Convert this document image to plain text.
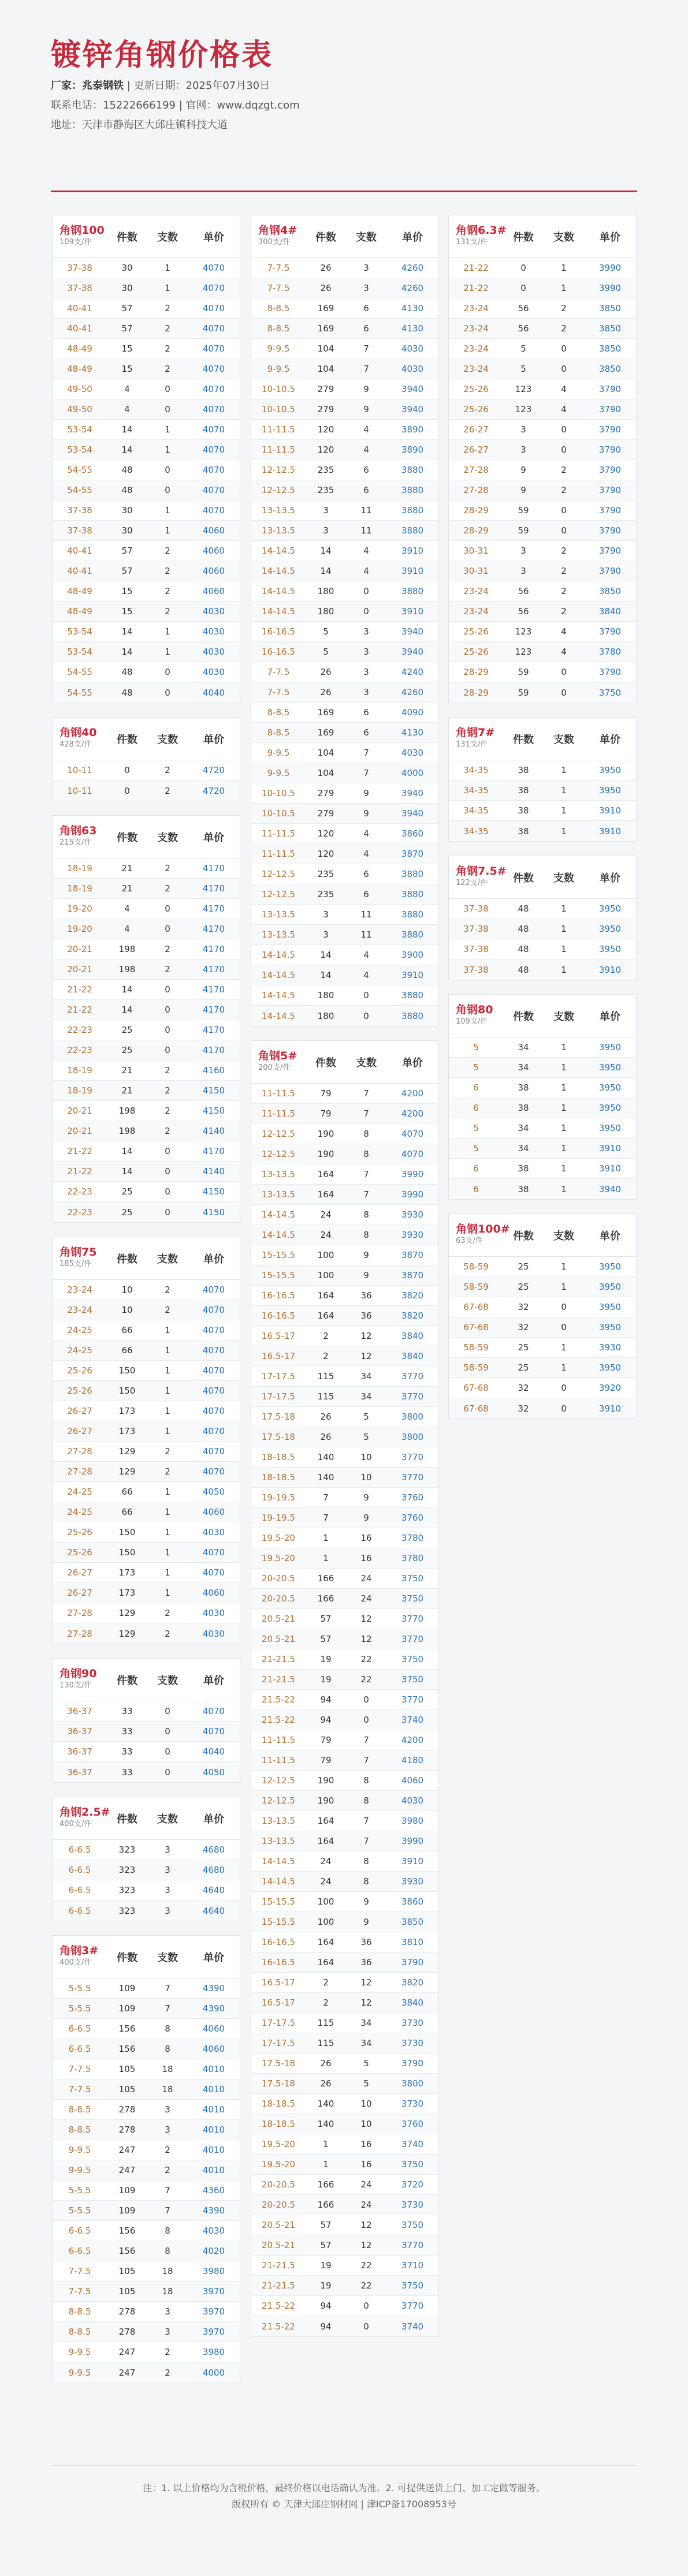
镀锌角钢价格表
厂家：兆泰钢铁 | 更新日期：2025年07月30日
联系电话：15222666199 | 官网：www.dqzgt.com
地址：天津市静海区大邱庄镇科技大道
角钢100
109支/件	件数	支数	单价
37-38	30	1	4070
37-38	30	1	4070
40-41	57	2	4070
40-41	57	2	4070
48-49	15	2	4070
48-49	15	2	4070
49-50	4	0	4070
49-50	4	0	4070
53-54	14	1	4070
53-54	14	1	4070
54-55	48	0	4070
54-55	48	0	4070
37-38	30	1	4070
37-38	30	1	4060
40-41	57	2	4060
40-41	57	2	4060
48-49	15	2	4060
48-49	15	2	4030
53-54	14	1	4030
53-54	14	1	4030
54-55	48	0	4030
54-55	48	0	4040
角钢40
428支/件	件数	支数	单价
10-11	0	2	4720
10-11	0	2	4720
角钢63
215支/件	件数	支数	单价
18-19	21	2	4170
18-19	21	2	4170
19-20	4	0	4170
19-20	4	0	4170
20-21	198	2	4170
20-21	198	2	4170
21-22	14	0	4170
21-22	14	0	4170
22-23	25	0	4170
22-23	25	0	4170
18-19	21	2	4160
18-19	21	2	4150
20-21	198	2	4150
20-21	198	2	4140
21-22	14	0	4170
21-22	14	0	4140
22-23	25	0	4150
22-23	25	0	4150
角钢75
185支/件	件数	支数	单价
23-24	10	2	4070
23-24	10	2	4070
24-25	66	1	4070
24-25	66	1	4070
25-26	150	1	4070
25-26	150	1	4070
26-27	173	1	4070
26-27	173	1	4070
27-28	129	2	4070
27-28	129	2	4070
24-25	66	1	4050
24-25	66	1	4060
25-26	150	1	4030
25-26	150	1	4070
26-27	173	1	4070
26-27	173	1	4060
27-28	129	2	4030
27-28	129	2	4030
角钢90
130支/件	件数	支数	单价
36-37	33	0	4070
36-37	33	0	4070
36-37	33	0	4040
36-37	33	0	4050
角钢2.5#
400支/件	件数	支数	单价
6-6.5	323	3	4680
6-6.5	323	3	4680
6-6.5	323	3	4640
6-6.5	323	3	4640
角钢3#
400支/件	件数	支数	单价
5-5.5	109	7	4390
5-5.5	109	7	4390
6-6.5	156	8	4060
6-6.5	156	8	4060
7-7.5	105	18	4010
7-7.5	105	18	4010
8-8.5	278	3	4010
8-8.5	278	3	4010
9-9.5	247	2	4010
9-9.5	247	2	4010
5-5.5	109	7	4360
5-5.5	109	7	4390
6-6.5	156	8	4030
6-6.5	156	8	4020
7-7.5	105	18	3980
7-7.5	105	18	3970
8-8.5	278	3	3970
8-8.5	278	3	3970
9-9.5	247	2	3980
9-9.5	247	2	4000
角钢4#
300支/件	件数	支数	单价
7-7.5	26	3	4260
7-7.5	26	3	4260
8-8.5	169	6	4130
8-8.5	169	6	4130
9-9.5	104	7	4030
9-9.5	104	7	4030
10-10.5	279	9	3940
10-10.5	279	9	3940
11-11.5	120	4	3890
11-11.5	120	4	3890
12-12.5	235	6	3880
12-12.5	235	6	3880
13-13.5	3	11	3880
13-13.5	3	11	3880
14-14.5	14	4	3910
14-14.5	14	4	3910
14-14.5	180	0	3880
14-14.5	180	0	3910
16-16.5	5	3	3940
16-16.5	5	3	3940
7-7.5	26	3	4240
7-7.5	26	3	4260
8-8.5	169	6	4090
8-8.5	169	6	4130
9-9.5	104	7	4030
9-9.5	104	7	4000
10-10.5	279	9	3940
10-10.5	279	9	3940
11-11.5	120	4	3860
11-11.5	120	4	3870
12-12.5	235	6	3880
12-12.5	235	6	3880
13-13.5	3	11	3880
13-13.5	3	11	3880
14-14.5	14	4	3900
14-14.5	14	4	3910
14-14.5	180	0	3880
14-14.5	180	0	3880
角钢5#
200支/件	件数	支数	单价
11-11.5	79	7	4200
11-11.5	79	7	4200
12-12.5	190	8	4070
12-12.5	190	8	4070
13-13.5	164	7	3990
13-13.5	164	7	3990
14-14.5	24	8	3930
14-14.5	24	8	3930
15-15.5	100	9	3870
15-15.5	100	9	3870
16-16.5	164	36	3820
16-16.5	164	36	3820
16.5-17	2	12	3840
16.5-17	2	12	3840
17-17.5	115	34	3770
17-17.5	115	34	3770
17.5-18	26	5	3800
17.5-18	26	5	3800
18-18.5	140	10	3770
18-18.5	140	10	3770
19-19.5	7	9	3760
19-19.5	7	9	3760
19.5-20	1	16	3780
19.5-20	1	16	3780
20-20.5	166	24	3750
20-20.5	166	24	3750
20.5-21	57	12	3770
20.5-21	57	12	3770
21-21.5	19	22	3750
21-21.5	19	22	3750
21.5-22	94	0	3770
21.5-22	94	0	3740
11-11.5	79	7	4200
11-11.5	79	7	4180
12-12.5	190	8	4060
12-12.5	190	8	4030
13-13.5	164	7	3980
13-13.5	164	7	3990
14-14.5	24	8	3910
14-14.5	24	8	3930
15-15.5	100	9	3860
15-15.5	100	9	3850
16-16.5	164	36	3810
16-16.5	164	36	3790
16.5-17	2	12	3820
16.5-17	2	12	3840
17-17.5	115	34	3730
17-17.5	115	34	3730
17.5-18	26	5	3790
17.5-18	26	5	3800
18-18.5	140	10	3730
18-18.5	140	10	3760
19.5-20	1	16	3740
19.5-20	1	16	3750
20-20.5	166	24	3720
20-20.5	166	24	3730
20.5-21	57	12	3750
20.5-21	57	12	3770
21-21.5	19	22	3710
21-21.5	19	22	3750
21.5-22	94	0	3770
21.5-22	94	0	3740
角钢6.3#
131支/件	件数	支数	单价
21-22	0	1	3990
21-22	0	1	3990
23-24	56	2	3850
23-24	56	2	3850
23-24	5	0	3850
23-24	5	0	3850
25-26	123	4	3790
25-26	123	4	3790
26-27	3	0	3790
26-27	3	0	3790
27-28	9	2	3790
27-28	9	2	3790
28-29	59	0	3790
28-29	59	0	3790
30-31	3	2	3790
30-31	3	2	3790
23-24	56	2	3850
23-24	56	2	3840
25-26	123	4	3790
25-26	123	4	3780
28-29	59	0	3790
28-29	59	0	3750
角钢7#
131支/件	件数	支数	单价
34-35	38	1	3950
34-35	38	1	3950
34-35	38	1	3910
34-35	38	1	3910
角钢7.5#
122支/件	件数	支数	单价
37-38	48	1	3950
37-38	48	1	3950
37-38	48	1	3950
37-38	48	1	3910
角钢80
109支/件	件数	支数	单价
5	34	1	3950
5	34	1	3950
6	38	1	3950
6	38	1	3950
5	34	1	3950
5	34	1	3910
6	38	1	3910
6	38	1	3940
角钢100#
63支/件	件数	支数	单价
58-59	25	1	3950
58-59	25	1	3950
67-68	32	0	3950
67-68	32	0	3950
58-59	25	1	3930
58-59	25	1	3950
67-68	32	0	3920
67-68	32	0	3910
注：1. 以上价格均为含税价格，最终价格以电话确认为准。2. 可提供送货上门、加工定做等服务。
版权所有 © 天津大邱庄钢材网 | 津ICP备17008953号
